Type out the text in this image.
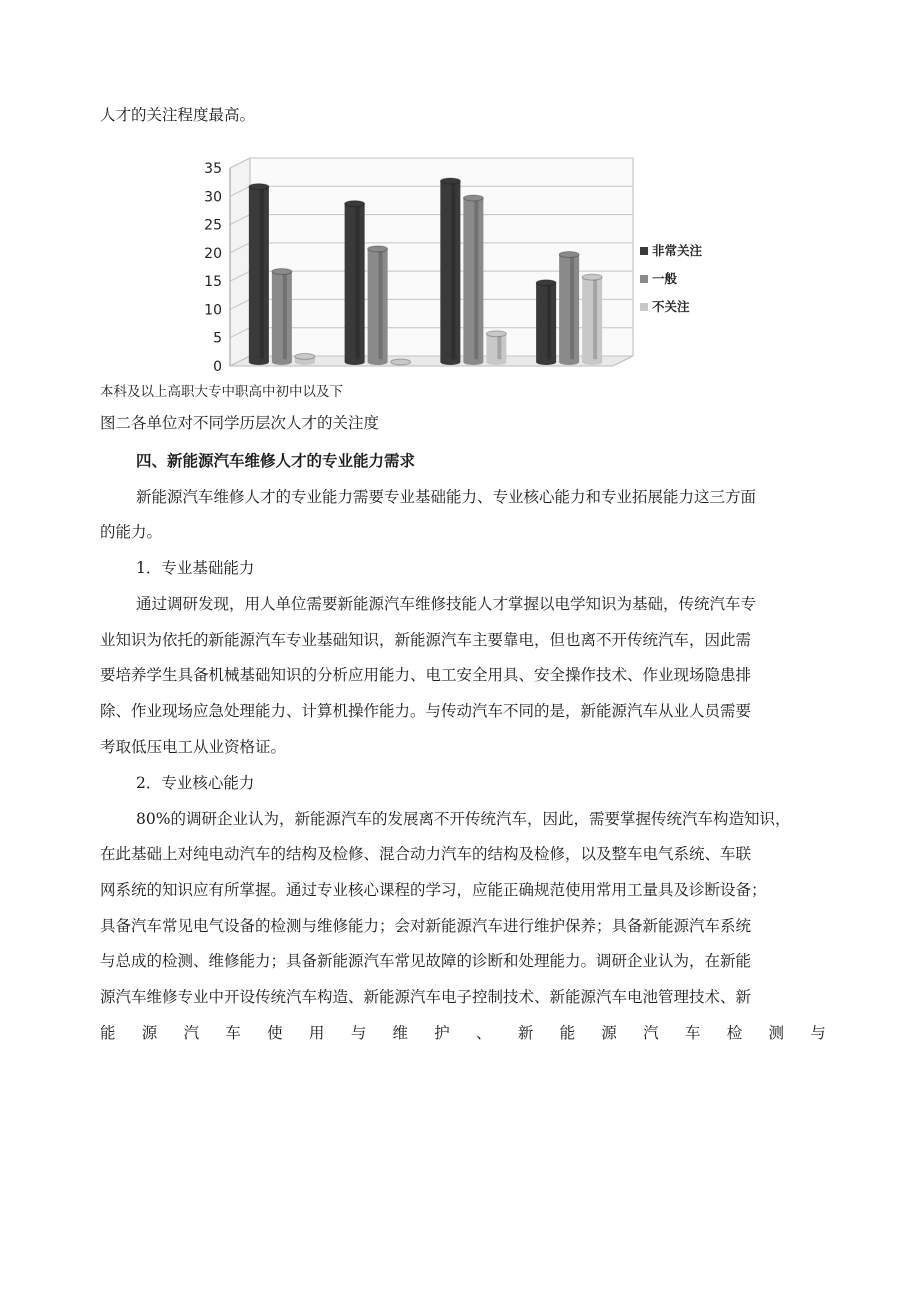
人才的关注程度最高。
0
5
10
15
20
25
30
35
非常关注
一般
不关注
本科及以上高职大专中职高中初中以及下
图二各单位对不同学历层次人才的关注度
四、新能源汽车维修人才的专业能力需求
新能源汽车维修人才的专业能力需要专业基础能力、专业核心能力和专业拓展能力这三方面
的能力。
1．专业基础能力
通过调研发现，用人单位需要新能源汽车维修技能人才掌握以电学知识为基础，传统汽车专
业知识为依托的新能源汽车专业基础知识，新能源汽车主要靠电，但也离不开传统汽车，因此需
要培养学生具备机械基础知识的分析应用能力、电工安全用具、安全操作技术、作业现场隐患排
除、作业现场应急处理能力、计算机操作能力。与传动汽车不同的是，新能源汽车从业人员需要
考取低压电工从业资格证。
2．专业核心能力
80%的调研企业认为，新能源汽车的发展离不开传统汽车，因此，需要掌握传统汽车构造知识，
在此基础上对纯电动汽车的结构及检修、混合动力汽车的结构及检修，以及整车电气系统、车联
网系统的知识应有所掌握。通过专业核心课程的学习，应能正确规范使用常用工量具及诊断设备；
具备汽车常见电气设备的检测与维修能力；会对新能源汽车进行维护保养；具备新能源汽车系统
与总成的检测、维修能力；具备新能源汽车常见故障的诊断和处理能力。调研企业认为，在新能
源汽车维修专业中开设传统汽车构造、新能源汽车电子控制技术、新能源汽车电池管理技术、新
能 源 汽 车 使 用 与 维 护 、 新 能 源 汽 车 检 测 与
